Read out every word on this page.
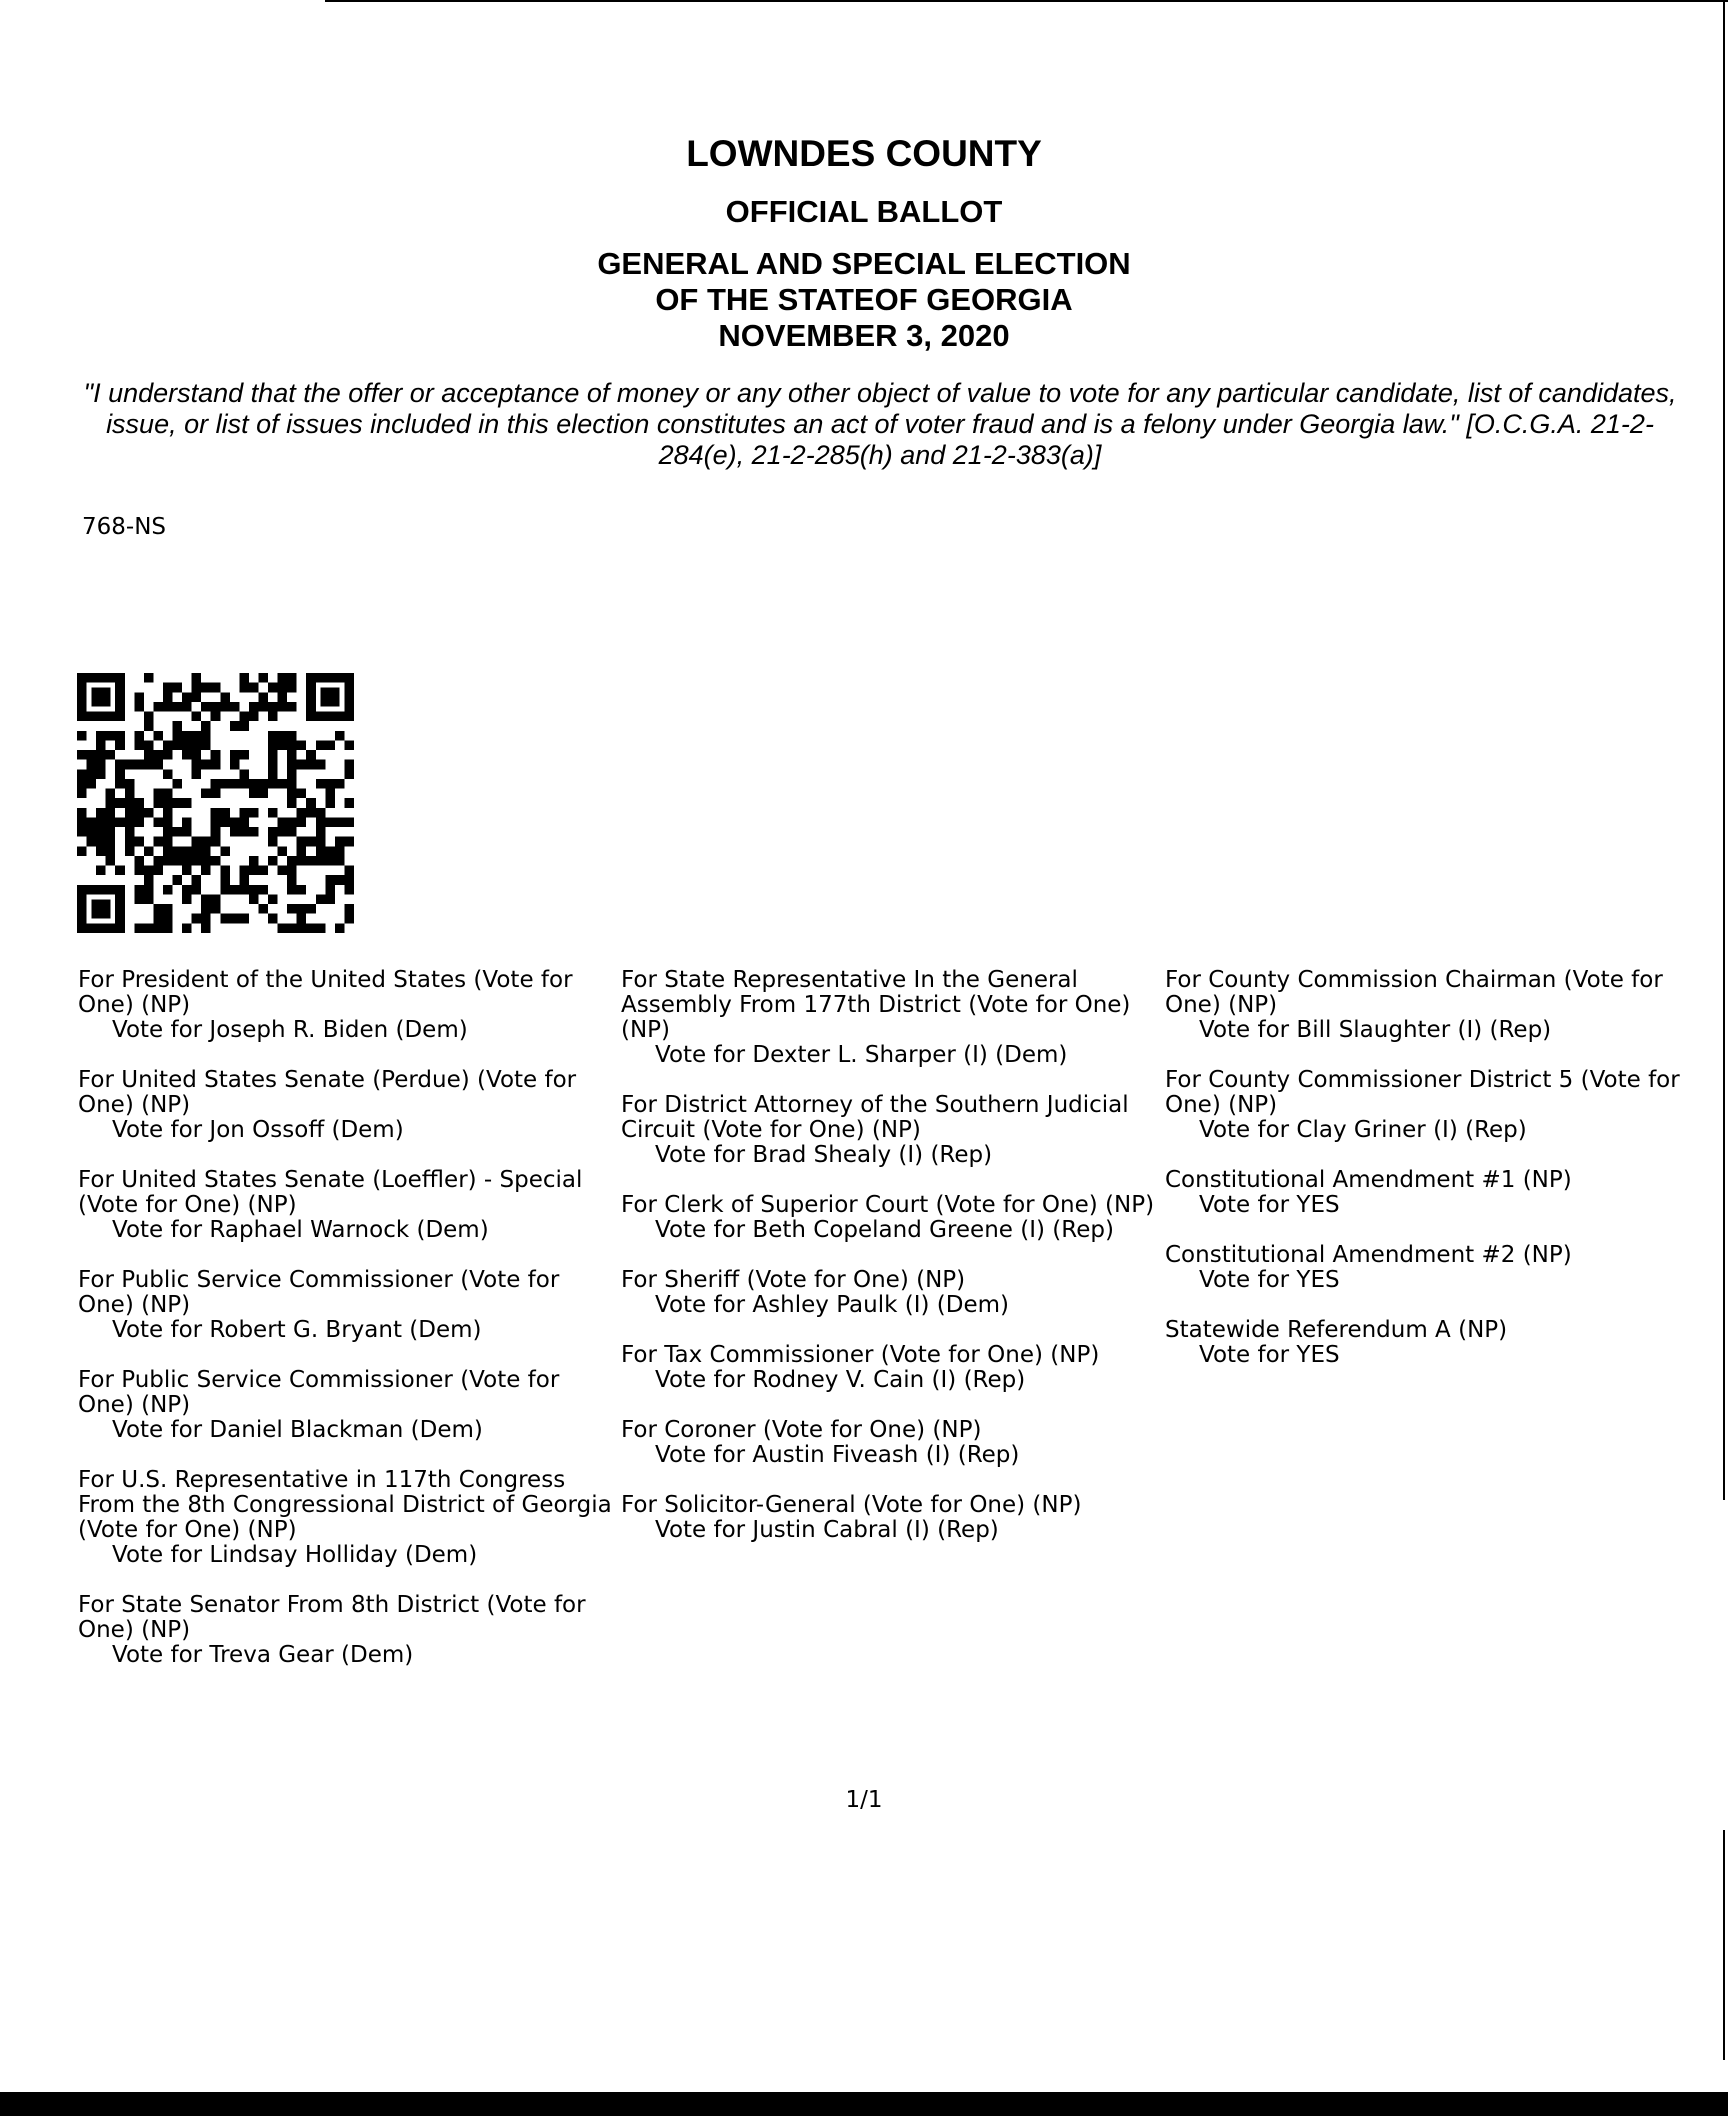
LOWNDES COUNTY
OFFICIAL BALLOT
GENERAL AND SPECIAL ELECTION
OF THE STATEOF GEORGIA
NOVEMBER 3, 2020
"I understand that the offer or acceptance of money or any other object of value to vote for any particular candidate, list of candidates, issue, or list of issues included in this election constitutes an act of voter fraud and is a felony under Georgia law." [O.C.G.A. 21-2-284(e), 21-2-285(h) and 21-2-383(a)]
768-NS
For President of the United States (Vote for One) (NP)
Vote for Joseph R. Biden (Dem)
For United States Senate (Perdue) (Vote for One) (NP)
Vote for Jon Ossoff (Dem)
For United States Senate (Loeffler) - Special (Vote for One) (NP)
Vote for Raphael Warnock (Dem)
For Public Service Commissioner (Vote for One) (NP)
Vote for Robert G. Bryant (Dem)
For Public Service Commissioner (Vote for One) (NP)
Vote for Daniel Blackman (Dem)
For U.S. Representative in 117th Congress From the 8th Congressional District of Georgia (Vote for One) (NP)
Vote for Lindsay Holliday (Dem)
For State Senator From 8th District (Vote for One) (NP)
Vote for Treva Gear (Dem)
For State Representative In the General Assembly From 177th District (Vote for One) (NP)
Vote for Dexter L. Sharper (I) (Dem)
For District Attorney of the Southern Judicial Circuit (Vote for One) (NP)
Vote for Brad Shealy (I) (Rep)
For Clerk of Superior Court (Vote for One) (NP)
Vote for Beth Copeland Greene (I) (Rep)
For Sheriff (Vote for One) (NP)
Vote for Ashley Paulk (I) (Dem)
For Tax Commissioner (Vote for One) (NP)
Vote for Rodney V. Cain (I) (Rep)
For Coroner (Vote for One) (NP)
Vote for Austin Fiveash (I) (Rep)
For Solicitor-General (Vote for One) (NP)
Vote for Justin Cabral (I) (Rep)
For County Commission Chairman (Vote for One) (NP)
Vote for Bill Slaughter (I) (Rep)
For County Commissioner District 5 (Vote for One) (NP)
Vote for Clay Griner (I) (Rep)
Constitutional Amendment #1 (NP)
Vote for YES
Constitutional Amendment #2 (NP)
Vote for YES
Statewide Referendum A (NP)
Vote for YES
1/1
